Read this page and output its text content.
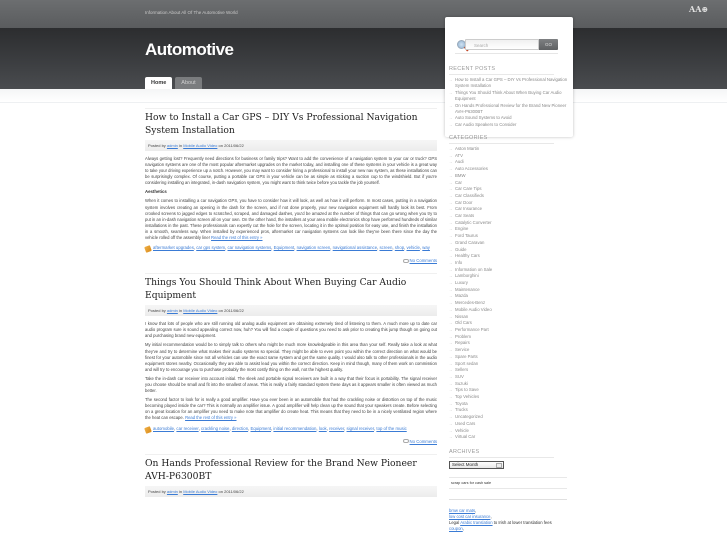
Information About All Of The Automotive World	AA⊕
Automotive
Home	About
How to Install a Car GPS – DIY Vs Professional Navigation System Installation
Posted by admin in Mobile Audio Video on 2011/06/22

Always getting lost? Frequently need directions for business or family trips? Want to add the convenience of a navigation system to your car or truck? GPS navigation systems are one of the most popular aftermarket upgrades on the market today, and installing one of these systems in your vehicle is a great way to take your driving experience up a notch. However, you may want to consider hiring a professional to install your new nav system, as these installations can be surprisingly complex. Of course, putting a portable car GPS in your vehicle can be as simple as sticking a suction cup to the windshield. But if you're considering installing an integrated, in-dash navigation system, you might want to think twice before you tackle the job yourself.

Aesthetics

When it comes to installing a car navigation GPS, you have to consider how it will look, as well as how it will perform. In most cases, putting in a navigation system involves creating an opening in the dash for the screen, and if not done properly, your new navigation equipment will hardly look its best. From crooked screens to jagged edges to scratched, scraped, and damaged dashes, you'd be amazed at the number of things that can go wrong when you try to put in an in-dash navigation screen all on your own. On the other hand, the installers at your area mobile electronics shop have performed hundreds of similar installations in the past. These professionals can expertly cut the hole for the screen, locating it in the optimal position for easy use, and finish the installation in a smooth, seamless way. When installed by experienced pros, aftermarket car navigation systems can look like they've been there since the day the vehicle rolled off the assembly line! Read the rest of this entry »

aftermarket upgrades, car gps system, car navigation systems, Equipment, navigation screen, navigational assistance, screen, shop, vehicle, way
No Comments
Things You Should Think About When Buying Car Audio Equipment
Posted by admin in Mobile Audio Video on 2011/06/22

I know that lots of people who are still running old analog audio equipment are obtaining extremely tired of listening to them. A much more up to date car audio program sure is sound appealing correct now, huh? You will find a couple of questions you need to ask prior to creating this jump though on going out and purchasing brand new equipment.

My initial recommendation would be to simply talk to others who might be much more knowledgeable in this area than your self. Really take a look at what they've and try to determine what makes their audio systems so special. They might be able to even point you within the correct direction on what would be finest for your automobile since not all vehicles can use the exact same system and get the same quality. I would also talk to other professionals in the audio equipment stores nearby. Occasionally they are able to assist lead you within the correct direction. Keep in mind though, many of them work on commission and will try to encourage you to purchase probably the most costly thing on the wall, not the highest quality.

Take the in-dash car receiver into account initial. The sleek and portable signal receivers are built in a way that their focus is portability. The signal receiver you choose should be small and fit into the smallest of areas. This is really a fairly standard system these days as it appears smaller is often viewed as much better.

The second factor to look for is really a good amplifier. Have you ever been in an automobile that had the crackling noise or distortion on top of the music becoming played inside the car? This is normally an amplifier issue. A good amplifier will help clean up the sound that your speakers create. Before selecting on a great location for an amplifier you need to make note that amplifier do create heat. This means that they need to be in a nicely ventilated region where the heat can escape. Read the rest of this entry »

automobile, car receiver, crackling noise, direction, Equipment, initial recommendation, look, receiver, signal receiver, top of the music
No Comments
On Hands Professional Review for the Brand New Pioneer AVH-P6300BT
Posted by admin in Mobile Audio Video on 2011/06/22
Search	GO
RECENT POSTS
→ How to Install a Car GPS – DIY Vs Professional Navigation System Installation
→ Things You Should Think About When Buying Car Audio Equipment
→ On Hands Professional Review for the Brand New Pioneer AVH-P6300BT
→ Auto Sound Systems to Avoid
→ Car Audio Speakers to Consider
CATEGORIES
→ Aston Martin
→ ATV
→ Audi
→ Auto Accessories
→ BMW
→ Car
→ Car Care Tips
→ Car Classifieds
→ Car Door
→ Car Insurance
→ Car Seats
→ Catalytic Converter
→ Engine
→ Ford Taurus
→ Grand Caravan
→ Guide
→ Healthy Cars
→ Info
→ Information on Sale
→ Lamborghini
→ Luxury
→ Maintenance
→ Mazda
→ Mercedes-Benz
→ Mobile Audio Video
→ Nissan
→ Old Cars
→ Performance Part
→ Problem
→ Repairs
→ Service
→ Spare Parts
→ Sport sedan
→ Sellers
→ SUV
→ Suzuki
→ Tips to Save
→ Top Vehicles
→ Toyota
→ Trucks
→ Uncategorized
→ Used Cars
→ Vehicle
→ Virtual Car
ARCHIVES
Select Month
scrap cars for cash sale
bmw car mats,
low cost car insurance,
Legal Arabic translation to Irish at lower translation fees
coupon,
